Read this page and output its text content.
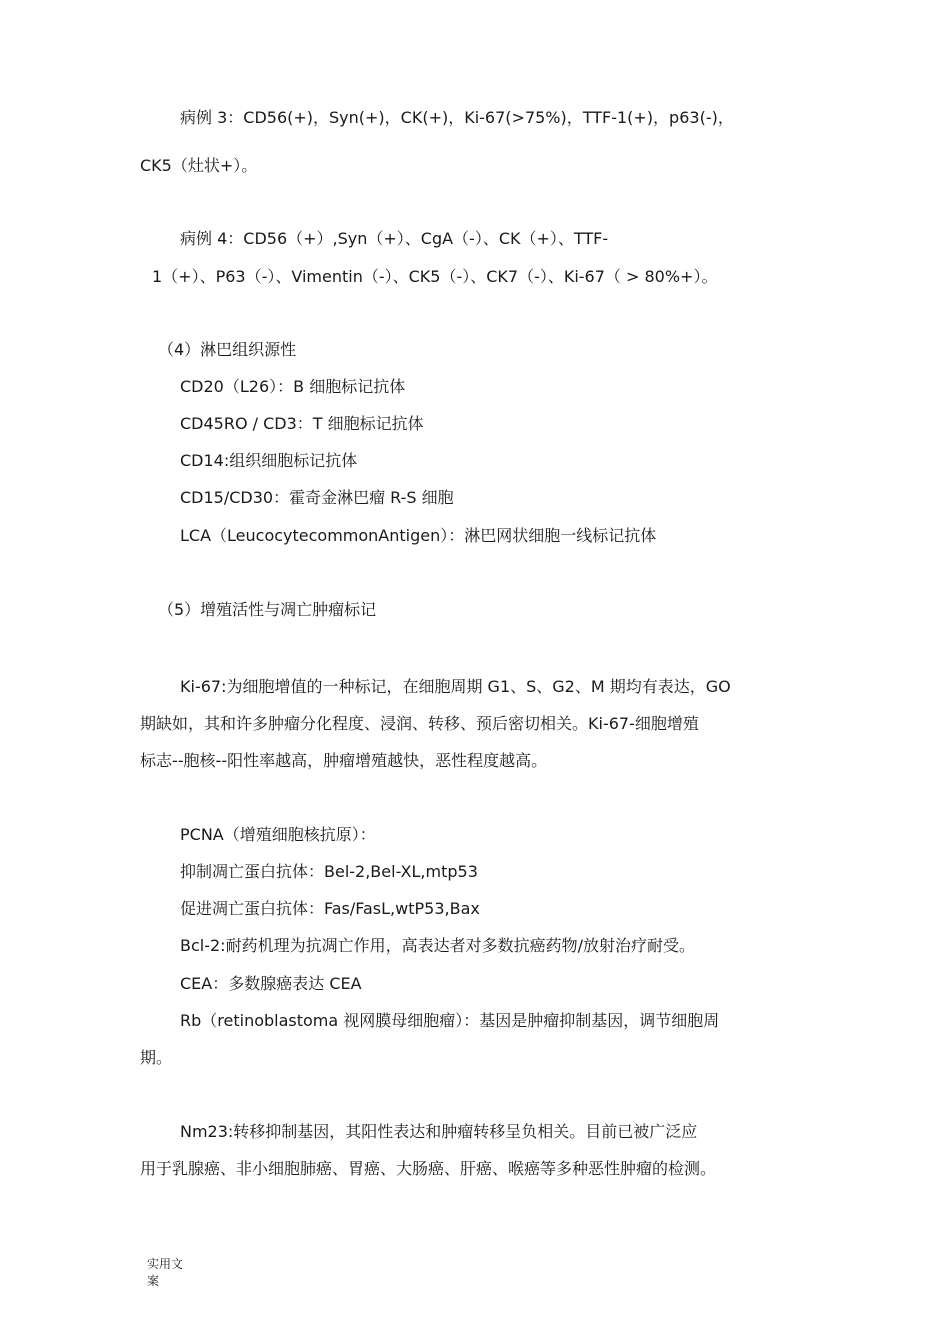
病例 3：CD56(+)，Syn(+)，CK(+)，Ki-67(>75%)，TTF-1(+)，p63(-)，
CK5（灶状+）。
病例 4：CD56（+）,Syn（+）、CgA（-）、CK（+）、TTF-
1（+）、P63（-）、Vimentin（-）、CK5（-）、CK7（-）、Ki-67（ > 80%+）。
（4）淋巴组织源性
CD20（L26）：B 细胞标记抗体
CD45RO / CD3：T 细胞标记抗体
CD14:组织细胞标记抗体
CD15/CD30：霍奇金淋巴瘤 R-S 细胞
LCA（LeucocytecommonAntigen）：淋巴网状细胞一线标记抗体
（5）增殖活性与凋亡肿瘤标记
Ki-67:为细胞增值的一种标记，在细胞周期 G1、S、G2、M 期均有表达，GO
期缺如，其和许多肿瘤分化程度、浸润、转移、预后密切相关。Ki-67-细胞增殖
标志--胞核--阳性率越高，肿瘤增殖越快，恶性程度越高。
PCNA（增殖细胞核抗原）：
抑制凋亡蛋白抗体：Bel-2,Bel-XL,mtp53
促进凋亡蛋白抗体：Fas/FasL,wtP53,Bax
Bcl-2:耐药机理为抗凋亡作用，高表达者对多数抗癌药物/放射治疗耐受。
CEA：多数腺癌表达 CEA
Rb（retinoblastoma 视网膜母细胞瘤）：基因是肿瘤抑制基因，调节细胞周
期。
Nm23:转移抑制基因，其阳性表达和肿瘤转移呈负相关。目前已被广泛应
用于乳腺癌、非小细胞肺癌、胃癌、大肠癌、肝癌、喉癌等多种恶性肿瘤的检测。
实用文
案
